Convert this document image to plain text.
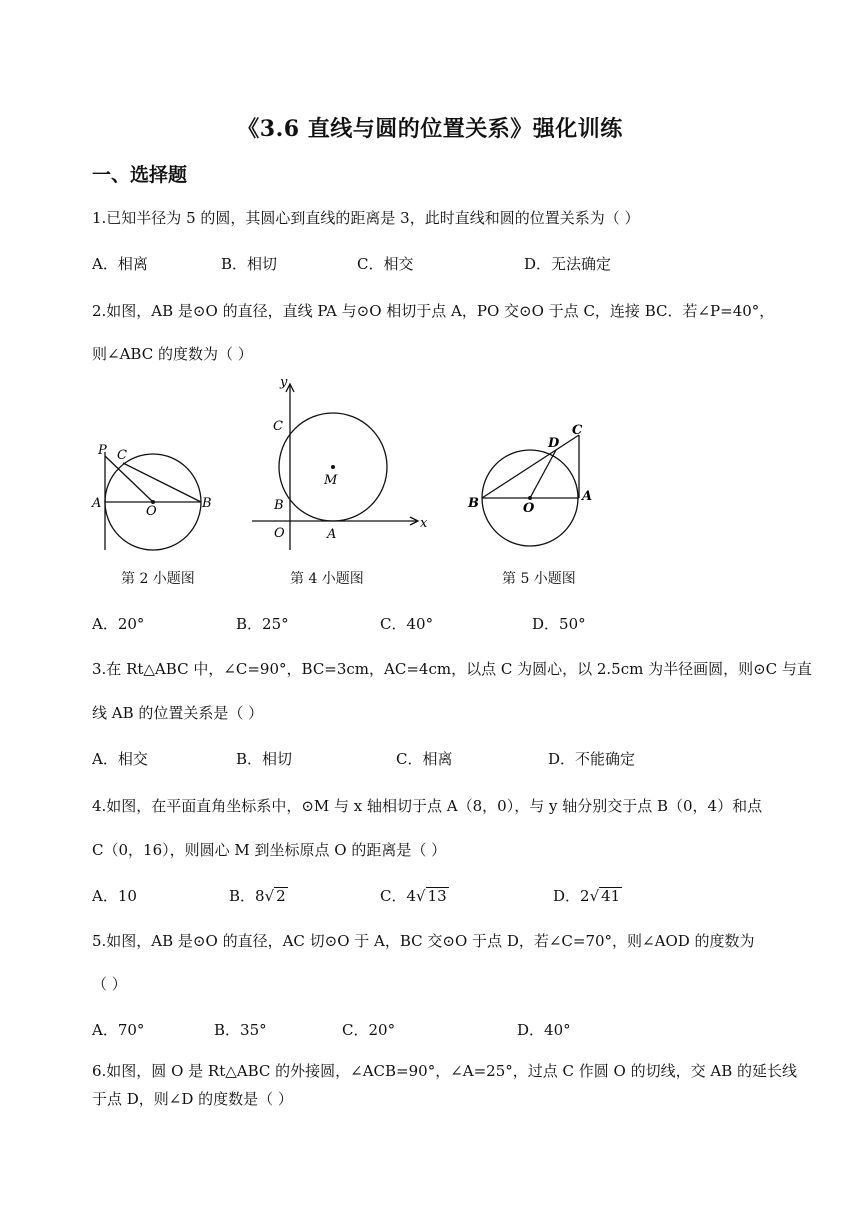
《3.6 直线与圆的位置关系》强化训练
一、选择题
1.已知半径为 5 的圆，其圆心到直线的距离是 3，此时直线和圆的位置关系为（ ）
A．相离	B．相切	C．相交	D．无法确定
2.如图，AB 是⊙O 的直径，直线 PA 与⊙O 相切于点 A，PO 交⊙O 于点 C，连接 BC．若∠P=40°，
则∠ABC 的度数为（ ）
P C
A
O
B
y
C
M
B
O	A
x
D
C
B	O
A
第 2 小题图	第 4 小题图	第 5 小题图
A．20°	B．25°	C．40°	D．50°
3.在 Rt△ABC 中，∠C=90°，BC=3cm，AC=4cm，以点 C 为圆心，以 2.5cm 为半径画圆，则⊙C 与直
线 AB 的位置关系是（ ）
A．相交	B．相切	C．相离	D．不能确定
4.如图，在平面直角坐标系中，⊙M 与 x 轴相切于点 A（8，0），与 y 轴分别交于点 B（0，4）和点
C（0，16），则圆心 M 到坐标原点 O 的距离是（ ）
A．10	B．8√ 2	C．4√ 13	D．2√ 41
5.如图，AB 是⊙O 的直径，AC 切⊙O 于 A，BC 交⊙O 于点 D，若∠C=70°，则∠AOD 的度数为
（ ）
A．70°	B．35°	C．20°	D．40°
6.如图，圆 O 是 Rt△ABC 的外接圆，∠ACB=90°，∠A=25°，过点 C 作圆 O 的切线，交 AB 的延长线
于点 D，则∠D 的度数是（ ）
